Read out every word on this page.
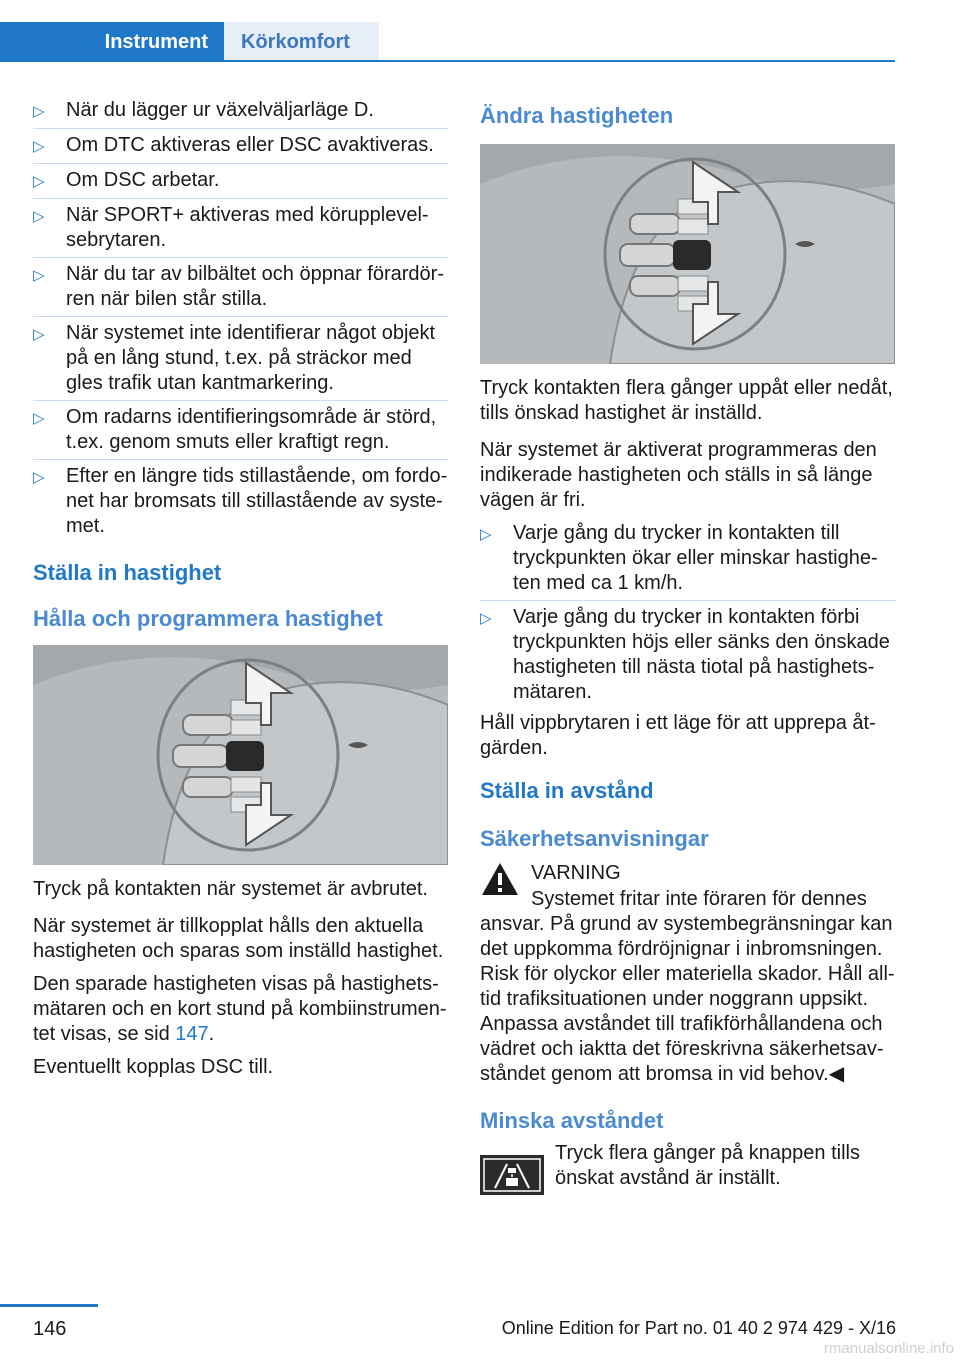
Instrument Körkomfort
▷	När du lägger ur växelväljarläge D.
▷	Om DTC aktiveras eller DSC avaktiveras.
▷	Om DSC arbetar.
▷	När SPORT+ aktiveras med körupplevelsebrytaren.
▷	När du tar av bilbältet och öppnar förardörren när bilen står stilla.
▷	När systemet inte identifierar något objekt på en lång stund, t.ex. på sträckor med gles trafik utan kantmarkering.
▷	Om radarns identifieringsområde är störd, t.ex. genom smuts eller kraftigt regn.
▷	Efter en längre tids stillastående, om fordonet har bromsats till stillastående av systemet.
Ställa in hastighet
Hålla och programmera hastighet

Tryck på kontakten när systemet är avbrutet.

När systemet är tillkopplat hålls den aktuella hastigheten och sparas som inställd hastighet.

Den sparade hastigheten visas på hastighetsmätaren och en kort stund på kombiinstrumentet visas, se sid 147.

Eventuellt kopplas DSC till.

Ändra hastigheten

Tryck kontakten flera gånger uppåt eller nedåt, tills önskad hastighet är inställd.

När systemet är aktiverat programmeras den indikerade hastigheten och ställs in så länge vägen är fri.

▷	Varje gång du trycker in kontakten till tryckpunkten ökar eller minskar hastigheten med ca 1 km/h.
▷	Varje gång du trycker in kontakten förbi tryckpunkten höjs eller sänks den önskade hastigheten till nästa tiotal på hastighetsmätaren.

Håll vippbrytaren i ett läge för att upprepa åtgärden.

Ställa in avstånd
Säkerhetsanvisningar
VARNING
Systemet fritar inte föraren för dennes

ansvar. På grund av systembegränsningar kan det uppkomma fördröjnignar i inbromsningen. Risk för olyckor eller materiella skador. Håll alltid trafiksituationen under noggrann uppsikt. Anpassa avståndet till trafikförhållandena och vädret och iaktta det föreskrivna säkerhetsavståndet genom att bromsa in vid behov.◀

Minska avståndet

Tryck flera gånger på knappen tills önskat avstånd är inställt.

146	Online Edition for Part no. 01 40 2 974 429 - X/16
rmanualsonline.info
